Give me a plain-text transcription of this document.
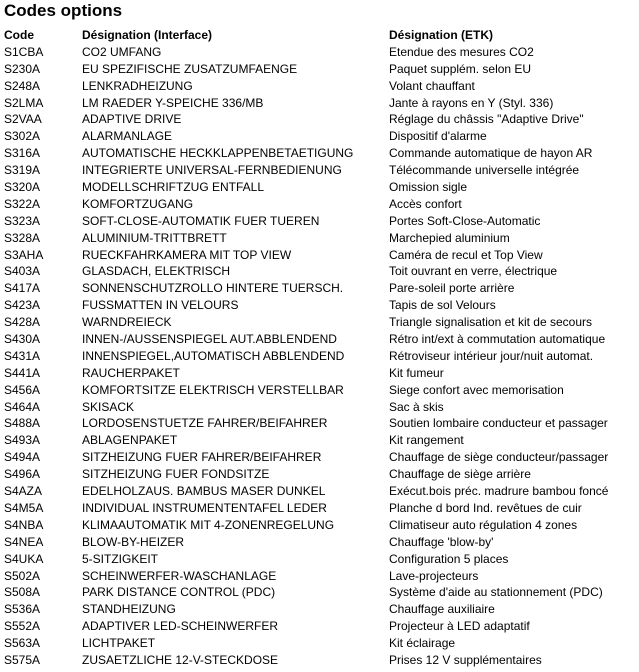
Codes options
Code	Désignation (Interface)	Désignation (ETK)
S1CBA	CO2 UMFANG	Etendue des mesures CO2
S230A	EU SPEZIFISCHE ZUSATZUMFAENGE	Paquet supplém. selon EU
S248A	LENKRADHEIZUNG	Volant chauffant
S2LMA	LM RAEDER Y-SPEICHE 336/MB	Jante à rayons en Y (Styl. 336)
S2VAA	ADAPTIVE DRIVE	Réglage du châssis "Adaptive Drive"
S302A	ALARMANLAGE	Dispositif d'alarme
S316A	AUTOMATISCHE HECKKLAPPENBETAETIGUNG	Commande automatique de hayon AR
S319A	INTEGRIERTE UNIVERSAL-FERNBEDIENUNG	Télécommande universelle intégrée
S320A	MODELLSCHRIFTZUG ENTFALL	Omission sigle
S322A	KOMFORTZUGANG	Accès confort
S323A	SOFT-CLOSE-AUTOMATIK FUER TUEREN	Portes Soft-Close-Automatic
S328A	ALUMINIUM-TRITTBRETT	Marchepied aluminium
S3AHA	RUECKFAHRKAMERA MIT TOP VIEW	Caméra de recul et Top View
S403A	GLASDACH, ELEKTRISCH	Toit ouvrant en verre, électrique
S417A	SONNENSCHUTZROLLO HINTERE TUERSCH.	Pare-soleil porte arrière
S423A	FUSSMATTEN IN VELOURS	Tapis de sol Velours
S428A	WARNDREIECK	Triangle signalisation et kit de secours
S430A	INNEN-/AUSSENSPIEGEL AUT.ABBLENDEND	Rétro int/ext à commutation automatique
S431A	INNENSPIEGEL,AUTOMATISCH ABBLENDEND	Rétroviseur intérieur jour/nuit automat.
S441A	RAUCHERPAKET	Kit fumeur
S456A	KOMFORTSITZE ELEKTRISCH VERSTELLBAR	Siege confort avec memorisation
S464A	SKISACK	Sac à skis
S488A	LORDOSENSTUETZE FAHRER/BEIFAHRER	Soutien lombaire conducteur et passager
S493A	ABLAGENPAKET	Kit rangement
S494A	SITZHEIZUNG FUER FAHRER/BEIFAHRER	Chauffage de siège conducteur/passager
S496A	SITZHEIZUNG FUER FONDSITZE	Chauffage de siège arrière
S4AZA	EDELHOLZAUS. BAMBUS MASER DUNKEL	Exécut.bois préc. madrure bambou foncé
S4M5A	INDIVIDUAL INSTRUMENTENTAFEL LEDER	Planche d bord Ind. revêtues de cuir
S4NBA	KLIMAAUTOMATIK MIT 4-ZONENREGELUNG	Climatiseur auto régulation 4 zones
S4NEA	BLOW-BY-HEIZER	Chauffage 'blow-by'
S4UKA	5-SITZIGKEIT	Configuration 5 places
S502A	SCHEINWERFER-WASCHANLAGE	Lave-projecteurs
S508A	PARK DISTANCE CONTROL (PDC)	Système d'aide au stationnement (PDC)
S536A	STANDHEIZUNG	Chauffage auxiliaire
S552A	ADAPTIVER LED-SCHEINWERFER	Projecteur à LED adaptatif
S563A	LICHTPAKET	Kit éclairage
S575A	ZUSAETZLICHE 12-V-STECKDOSE	Prises 12 V supplémentaires
